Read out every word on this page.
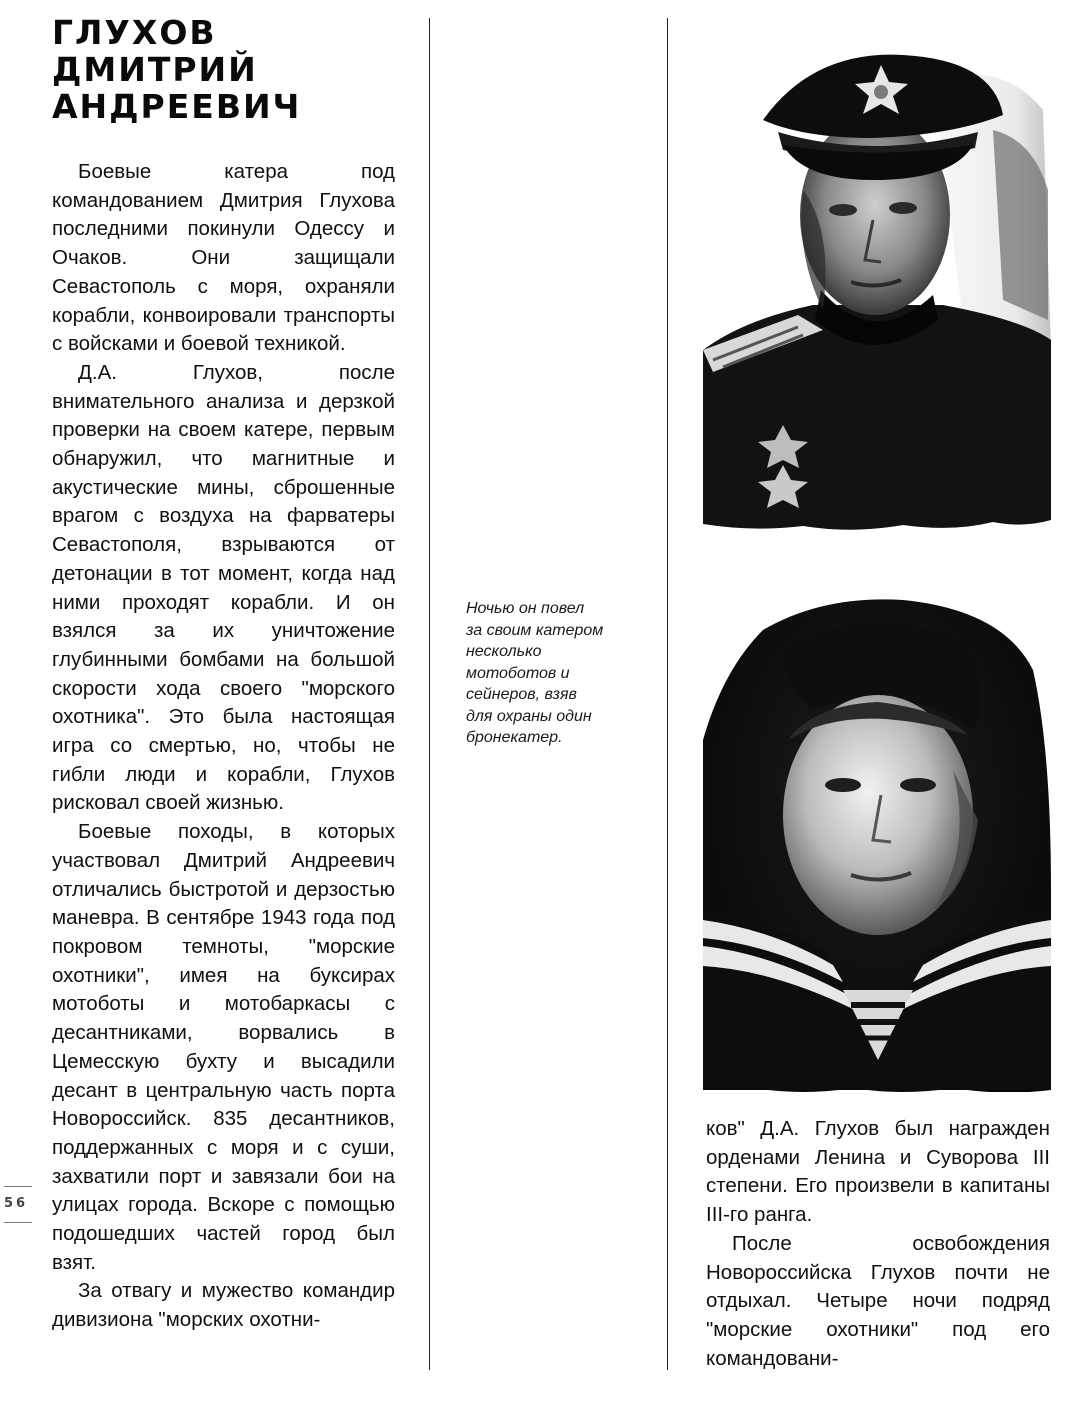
ГЛУХОВ
ДМИТРИЙ
АНДРЕЕВИЧ

Боевые катера под командованием Дмитрия Глухова последними покинули Одессу и Очаков. Они защищали Севастополь с моря, охраняли корабли, конвоировали транспорты с войсками и боевой техникой.

Д.А. Глухов, после внимательного анализа и дерзкой проверки на своем катере, первым обнаружил, что магнитные и акустические мины, сброшенные врагом с воздуха на фарватеры Севастополя, взрываются от детонации в тот момент, когда над ними проходят корабли. И он взялся за их уничтожение глубинными бомбами на большой скорости хода своего "морского охотника". Это была настоящая игра со смертью, но, чтобы не гибли люди и корабли, Глухов рисковал своей жизнью.

Боевые походы, в которых участвовал Дмитрий Андреевич отличались быстротой и дерзостью маневра. В сентябре 1943 года под покровом темноты, "морские охотники", имея на буксирах мотоботы и мотобаркасы с десантниками, ворвались в Цемесскую бухту и высадили десант в центральную часть порта Новороссийск. 835 десантников, поддержанных с моря и с суши, захватили порт и завязали бои на улицах города. Вскоре с помощью подошедших частей город был взят.

За отвагу и мужество командир дивизиона "морских охотни-

Ночью он повел
за своим катером
несколько
мотоботов и
сейнеров, взяв
для охраны один
бронекатер.

ков" Д.А. Глухов был награжден орденами Ленина и Суворова III степени. Его произвели в капитаны III-го ранга.

После освобождения Новороссийска Глухов почти не отдыхал. Четыре ночи подряд "морские охотники" под его командовани-

56
